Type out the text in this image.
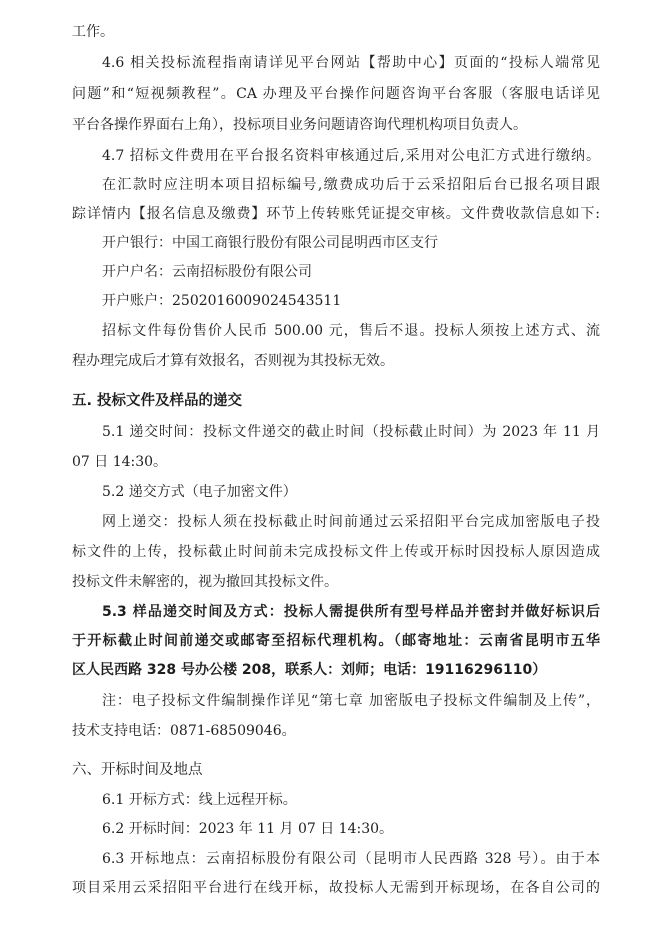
工作。
4.6 相关投标流程指南请详见平台网站【帮助中心】页面的“投标人端常见
问题”和“短视频教程”。CA 办理及平台操作问题咨询平台客服（客服电话详见
平台各操作界面右上角），投标项目业务问题请咨询代理机构项目负责人。
4.7 招标文件费用在平台报名资料审核通过后,采用对公电汇方式进行缴纳。
在汇款时应注明本项目招标编号,缴费成功后于云采招阳后台已报名项目跟
踪详情内【报名信息及缴费】环节上传转账凭证提交审核。文件费收款信息如下:
开户银行：中国工商银行股份有限公司昆明西市区支行
开户户名：云南招标股份有限公司
开户账户：2502016009024543511
招标文件每份售价人民币 500.00 元，售后不退。投标人须按上述方式、流
程办理完成后才算有效报名，否则视为其投标无效。
五. 投标文件及样品的递交
5.1 递交时间：投标文件递交的截止时间（投标截止时间）为 2023 年 11 月
07 日 14:30。
5.2 递交方式（电子加密文件）
网上递交：投标人须在投标截止时间前通过云采招阳平台完成加密版电子投
标文件的上传，投标截止时间前未完成投标文件上传或开标时因投标人原因造成
投标文件未解密的，视为撤回其投标文件。
5.3 样品递交时间及方式：投标人需提供所有型号样品并密封并做好标识后
于开标截止时间前递交或邮寄至招标代理机构。（邮寄地址：云南省昆明市五华
区人民西路 328 号办公楼 208，联系人：刘师；电话：19116296110）
注：电子投标文件编制操作详见“第七章 加密版电子投标文件编制及上传”，
技术支持电话：0871-68509046。
六、开标时间及地点
6.1 开标方式：线上远程开标。
6.2 开标时间：2023 年 11 月 07 日 14:30。
6.3 开标地点：云南招标股份有限公司（昆明市人民西路 328 号）。由于本
项目采用云采招阳平台进行在线开标，故投标人无需到开标现场，在各自公司的
